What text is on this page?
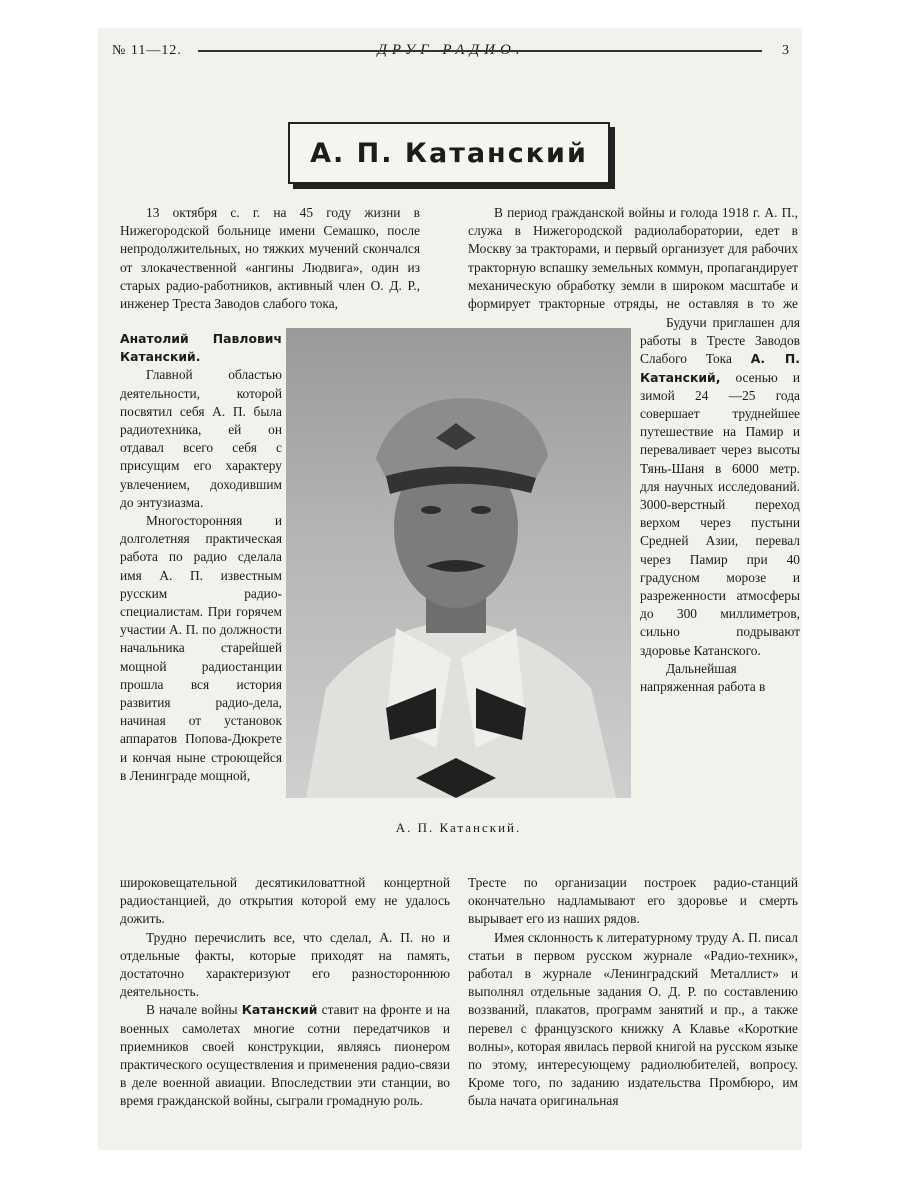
№ 11—12.	ДРУГ РАДИО.	3
А. П. Катанский

13 октября с. г. на 45 году жизни в Нижегородской больнице имени Семашко, после непродолжительных, но тяжких мучений скончался от злокачественной «ангины Людвига», один из старых радио-работников, активный член О. Д. Р., инженер Треста Заводов слабого тока,

Анатолий Павлович Катанский.

Главной областью деятельности, которой посвятил себя А. П. была радиотехника, ей он отдавал всего себя с присущим его характеру увлечением, доходившим до энтузиазма.

Многосторонняя и долголетняя практическая работа по радио сделала имя А. П. известным русским радио-специалистам. При горячем участии А. П. по должности начальника старейшей мощной радиостанции прошла вся история развития радио-дела, начиная от установок аппаратов Попова-Дюкрете и кончая ныне строющейся в Ленинграде мощной,

широковещательной десятикиловаттной концертной радиостанцией, до открытия которой ему не удалось дожить.

Трудно перечислить все, что сделал, А. П. но и отдельные факты, которые приходят на память, достаточно характеризуют его разностороннюю деятельность.

В начале войны Катанский ставит на фронте и на военных самолетах многие сотни передатчиков и приемников своей конструкции, являясь пионером практического осуществления и применения радио-связи в деле военной авиации. Впоследствии эти станции, во время гражданской войны, сыграли громадную роль.

В период гражданской войны и голода 1918 г. А. П., служа в Нижегородской радиолаборатории, едет в Москву за тракторами, и первый организует для рабочих тракторную вспашку земельных коммун, пропагандирует механическую обработку земли в широком масштабе и формирует тракторные отряды, не оставляя в то же

Будучи приглашен для работы в Тресте Заводов Слабого Тока А. П. Катанский, осенью и зимой 24 —25 года совершает труднейшее путешествие на Памир и переваливает через высоты Тянь-Шаня в 6000 метр. для научных исследований. 3000-верстный переход верхом через пустыни Средней Азии, перевал через Памир при 40 градусном морозе и разреженности атмосферы до 300 миллиметров, сильно подрывают здоровье Катанского.

Дальнейшая напряженная работа в

Тресте по организации построек радио-станций окончательно надламывают его здоровье и смерть вырывает его из наших рядов.

Имея склонность к литературному труду А. П. писал статьи в первом русском журнале «Радио-техник», работал в журнале «Ленинградский Металлист» и выполнял отдельные задания О. Д. Р. по составлению воззваний, плакатов, программ занятий и пр., а также перевел с французского книжку А Клавье «Короткие волны», которая явилась первой книгой на русском языке по этому, интересующему радиолюбителей, вопросу. Кроме того, по заданию издательства Промбюро, им была начата оригинальная

А. П. Катанский.
